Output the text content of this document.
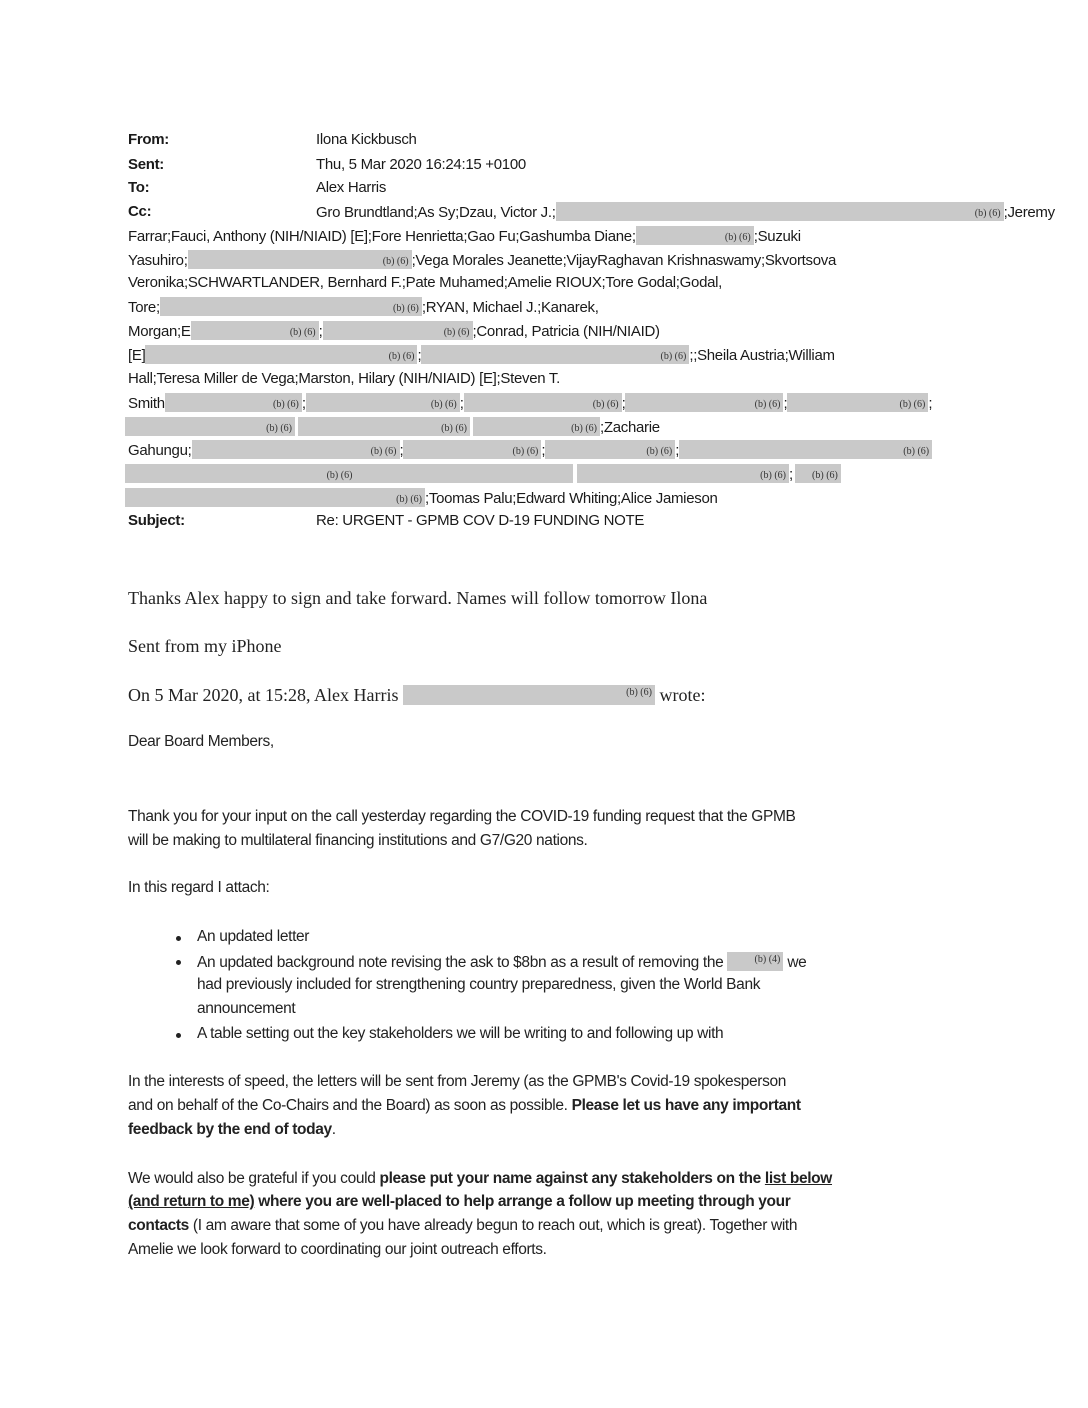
From:	Ilona Kickbusch
Sent:	Thu, 5 Mar 2020 16:24:15 +0100
To:	Alex Harris
Cc:	Gro Brundtland;As Sy;Dzau, Victor J.;	(b) (6) ;Jeremy
Farrar;Fauci, Anthony (NIH/NIAID) [E];Fore Henrietta;Gao Fu;Gashumba Diane;	(b) (6) ;Suzuki
Yasuhiro;	(b) (6) ;Vega Morales Jeanette;VijayRaghavan Krishnaswamy;Skvortsova
Veronika;SCHWARTLANDER, Bernhard F.;Pate Muhamed;Amelie RIOUX;Tore Godal;Godal,
Tore;	(b) (6) ;RYAN, Michael J.;Kanarek,
Morgan;E	(b) (6) ;	(b) (6) ;Conrad, Patricia (NIH/NIAID)
[E]	(b) (6) ;	(b) (6) ;;Sheila Austria;William
Hall;Teresa Miller de Vega;Marston, Hilary (NIH/NIAID) [E];Steven T.
Smith	(b) (6) ;	(b) (6) ;	(b) (6) ;	(b) (6) ;	(b) (6) ;
(b) (6)	(b) (6)	(b) (6) ;Zacharie
Gahungu;	(b) (6) ;	(b) (6) ;	(b) (6) ;	(b) (6)
(b) (6)	(b) (6) ; (b) (6)
(b) (6) ;Toomas Palu;Edward Whiting;Alice Jamieson
Subject:	Re: URGENT - GPMB COV D-19 FUNDING NOTE
Thanks Alex happy to sign and take forward. Names will follow tomorrow Ilona
Sent from my iPhone
On 5 Mar 2020, at 15:28, Alex Harris	(b) (6) wrote:
Dear Board Members,
Thank you for your input on the call yesterday regarding the COVID-19 funding request that the GPMB
will be making to multilateral financing institutions and G7/G20 nations.
In this regard I attach:
An updated letter
An updated background note revising the ask to $8bn as a result of removing the	(b) (4) we
had previously included for strengthening country preparedness, given the World Bank
announcement
A table setting out the key stakeholders we will be writing to and following up with
In the interests of speed, the letters will be sent from Jeremy (as the GPMB's Covid-19 spokesperson
and on behalf of the Co-Chairs and the Board) as soon as possible. Please let us have any important
feedback by the end of today.
We would also be grateful if you could please put your name against any stakeholders on the list below
(and return to me) where you are well-placed to help arrange a follow up meeting through your
contacts (I am aware that some of you have already begun to reach out, which is great). Together with
Amelie we look forward to coordinating our joint outreach efforts.
